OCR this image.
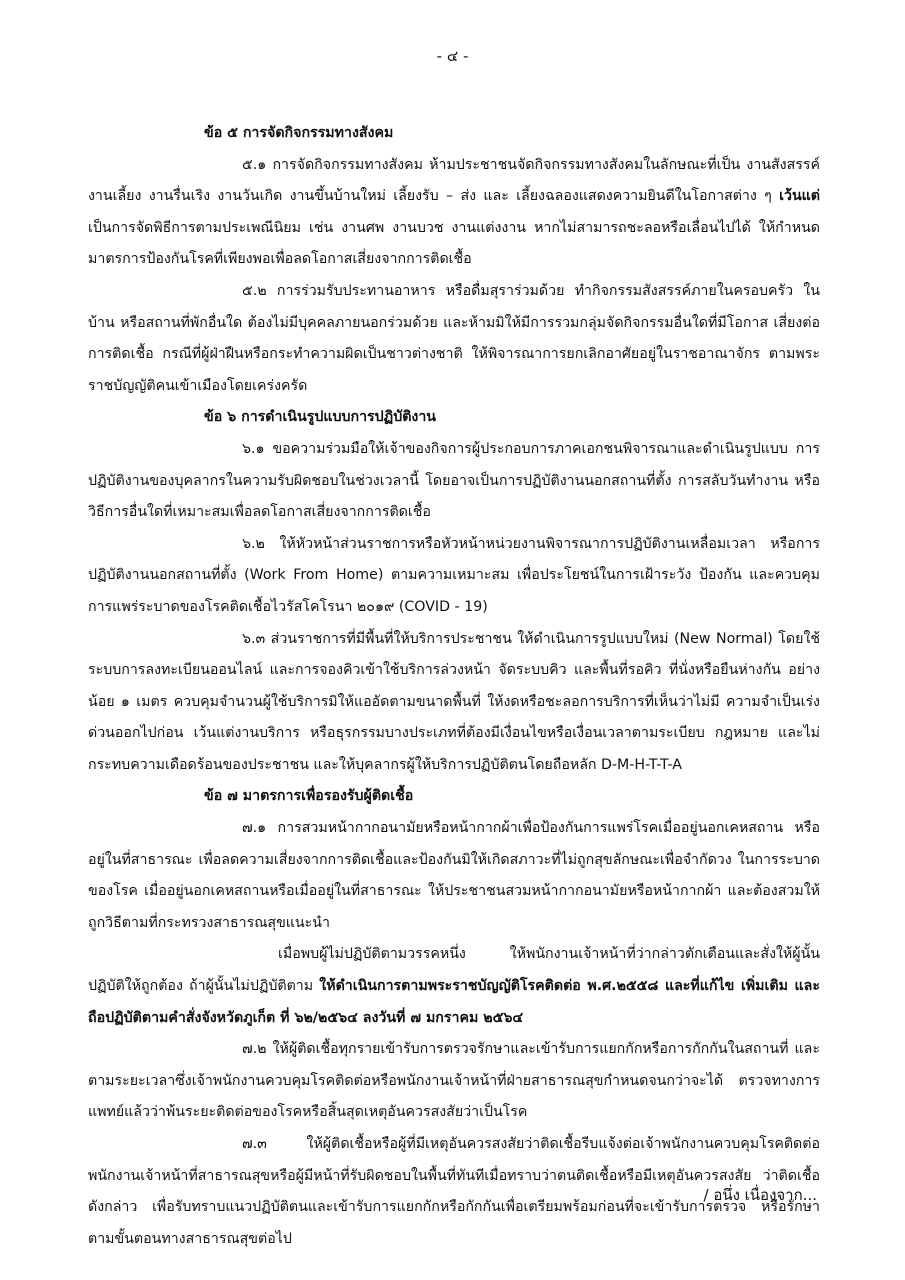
- ๔ -
ข้อ ๕ การจัดกิจกรรมทางสังคม
๕.๑ การจัดกิจกรรมทางสังคม ห้ามประชาชนจัดกิจกรรมทางสังคมในลักษณะที่เป็น งานสังสรรค์ งานเลี้ยง งานรื่นเริง งานวันเกิด งานขึ้นบ้านใหม่ เลี้ยงรับ – ส่ง และ เลี้ยงฉลองแสดงความยินดีในโอกาสต่าง ๆ เว้นแต่ เป็นการจัดพิธีการตามประเพณีนิยม เช่น งานศพ งานบวช งานแต่งงาน หากไม่สามารถชะลอหรือเลื่อนไปได้ ให้กำหนดมาตรการป้องกันโรคที่เพียงพอเพื่อลดโอกาสเสี่ยงจากการติดเชื้อ
๕.๒ การร่วมรับประทานอาหาร หรือดื่มสุราร่วมด้วย ทำกิจกรรมสังสรรค์ภายในครอบครัว ในบ้าน หรือสถานที่พักอื่นใด ต้องไม่มีบุคคลภายนอกร่วมด้วย และห้ามมิให้มีการรวมกลุ่มจัดกิจกรรมอื่นใดที่มีโอกาส เสี่ยงต่อการติดเชื้อ กรณีที่ผู้ฝ่าฝืนหรือกระทำความผิดเป็นชาวต่างชาติ ให้พิจารณาการยกเลิกอาศัยอยู่ในราชอาณาจักร ตามพระราชบัญญัติคนเข้าเมืองโดยเคร่งครัด
ข้อ ๖ การดำเนินรูปแบบการปฏิบัติงาน
๖.๑ ขอความร่วมมือให้เจ้าของกิจการผู้ประกอบการภาคเอกชนพิจารณาและดำเนินรูปแบบ การปฏิบัติงานของบุคลากรในความรับผิดชอบในช่วงเวลานี้ โดยอาจเป็นการปฏิบัติงานนอกสถานที่ตั้ง การสลับวันทำงาน หรือวิธีการอื่นใดที่เหมาะสมเพื่อลดโอกาสเสี่ยงจากการติดเชื้อ
๖.๒ ให้หัวหน้าส่วนราชการหรือหัวหน้าหน่วยงานพิจารณาการปฏิบัติงานเหลื่อมเวลา หรือการปฏิบัติงานนอกสถานที่ตั้ง (Work From Home) ตามความเหมาะสม เพื่อประโยชน์ในการเฝ้าระวัง ป้องกัน และควบคุมการแพร่ระบาดของโรคติดเชื้อไวรัสโคโรนา ๒๐๑๙ (COVID - 19)
๖.๓ ส่วนราชการที่มีพื้นที่ให้บริการประชาชน ให้ดำเนินการรูปแบบใหม่ (New Normal) โดยใช้ ระบบการลงทะเบียนออนไลน์ และการจองคิวเข้าใช้บริการล่วงหน้า จัดระบบคิว และพื้นที่รอคิว ที่นั่งหรือยืนห่างกัน อย่างน้อย ๑ เมตร ควบคุมจำนวนผู้ใช้บริการมิให้แออัดตามขนาดพื้นที่ ให้งดหรือชะลอการบริการที่เห็นว่าไม่มี ความจำเป็นเร่งด่วนออกไปก่อน เว้นแต่งานบริการ หรือธุรกรรมบางประเภทที่ต้องมีเงื่อนไขหรือเงื่อนเวลาตามระเบียบ กฎหมาย และไม่กระทบความเดือดร้อนของประชาชน และให้บุคลากรผู้ให้บริการปฏิบัติตนโดยถือหลัก D-M-H-T-T-A
ข้อ ๗ มาตรการเพื่อรองรับผู้ติดเชื้อ
๗.๑ การสวมหน้ากากอนามัยหรือหน้ากากผ้าเพื่อป้องกันการแพร่โรคเมื่ออยู่นอกเคหสถาน หรืออยู่ในที่สาธารณะ เพื่อลดความเสี่ยงจากการติดเชื้อและป้องกันมิให้เกิดสภาวะที่ไม่ถูกสุขลักษณะเพื่อจำกัดวง ในการระบาดของโรค เมื่ออยู่นอกเคหสถานหรือเมื่ออยู่ในที่สาธารณะ ให้ประชาชนสวมหน้ากากอนามัยหรือหน้ากากผ้า และต้องสวมให้ถูกวิธีตามที่กระทรวงสาธารณสุขแนะนำ
เมื่อพบผู้ไม่ปฏิบัติตามวรรคหนึ่ง ให้พนักงานเจ้าหน้าที่ว่ากล่าวตักเตือนและสั่งให้ผู้นั้น ปฏิบัติให้ถูกต้อง ถ้าผู้นั้นไม่ปฏิบัติตาม ให้ดำเนินการตามพระราชบัญญัติโรคติดต่อ พ.ศ.๒๕๕๘ และที่แก้ไข เพิ่มเติม และถือปฏิบัติตามคำสั่งจังหวัดภูเก็ต ที่ ๖๒/๒๕๖๔ ลงวันที่ ๗ มกราคม ๒๕๖๔
๗.๒ ให้ผู้ติดเชื้อทุกรายเข้ารับการตรวจรักษาและเข้ารับการแยกกักหรือการกักกันในสถานที่ และตามระยะเวลาซึ่งเจ้าพนักงานควบคุมโรคติดต่อหรือพนักงานเจ้าหน้าที่ฝ่ายสาธารณสุขกำหนดจนกว่าจะได้ ตรวจทางการแพทย์แล้วว่าพ้นระยะติดต่อของโรคหรือสิ้นสุดเหตุอันควรสงสัยว่าเป็นโรค
๗.๓ ให้ผู้ติดเชื้อหรือผู้ที่มีเหตุอันควรสงสัยว่าติดเชื้อรีบแจ้งต่อเจ้าพนักงานควบคุมโรคติดต่อ พนักงานเจ้าหน้าที่สาธารณสุขหรือผู้มีหน้าที่รับผิดชอบในพื้นที่ทันทีเมื่อทราบว่าตนติดเชื้อหรือมีเหตุอันควรสงสัย ว่าติดเชื้อดังกล่าว เพื่อรับทราบแนวปฏิบัติตนและเข้ารับการแยกกักหรือกักกันเพื่อเตรียมพร้อมก่อนที่จะเข้ารับการตรวจ หรือรักษาตามขั้นตอนทางสาธารณสุขต่อไป
/ อนึ่ง เนื่องจาก...
